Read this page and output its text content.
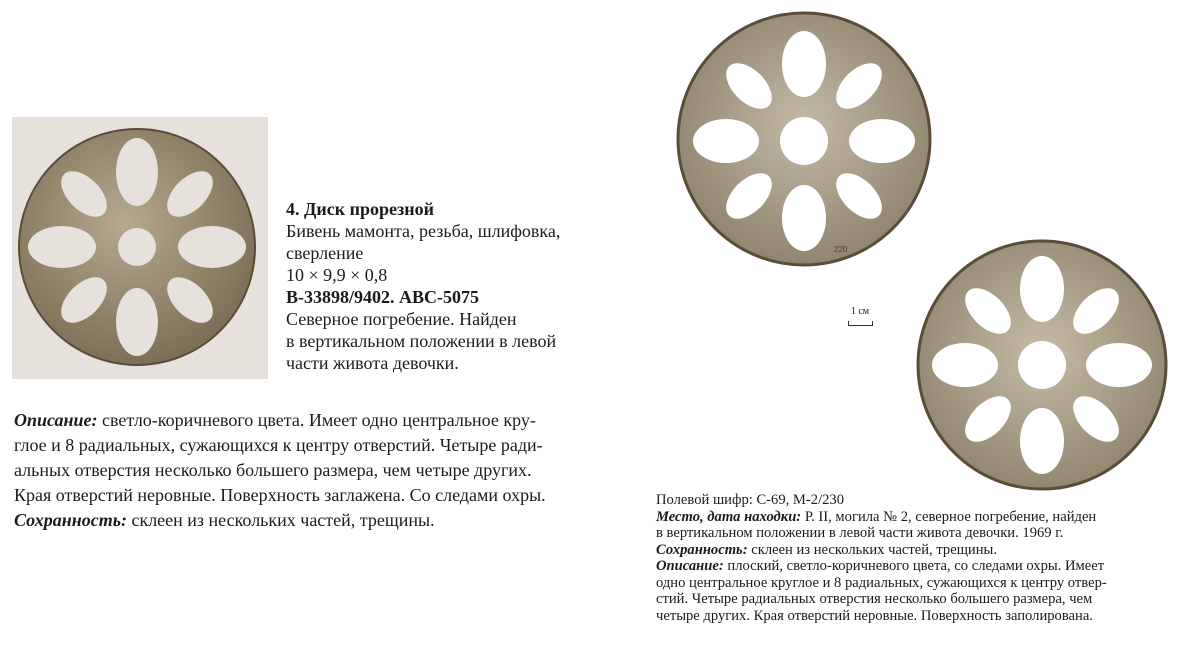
4. Диск прорезной
Бивень мамонта, резьба, шлифовка,
сверление
10 × 9,9 × 0,8
В-33898/9402. АВС-5075
Северное погребение. Найден
в вертикальном положении в левой
части живота девочки.
Описание: светло-коричневого цвета. Имеет одно центральное кру-
глое и 8 радиальных, сужающихся к центру отверстий. Четыре ради-
альных отверстия несколько большего размера, чем четыре других.
Края отверстий неровные. Поверхность заглажена. Со следами охры.
Сохранность: склеен из нескольких частей, трещины.
220
1 см
Полевой шифр: С-69, М-2/230
Место, дата находки: Р. II, могила № 2, северное погребение, найден
в вертикальном положении в левой части живота девочки. 1969 г.
Сохранность: склеен из нескольких частей, трещины.
Описание: плоский, светло-коричневого цвета, со следами охры. Имеет
одно центральное круглое и 8 радиальных, сужающихся к центру отвер-
стий. Четыре радиальных отверстия несколько большего размера, чем
четыре других. Края отверстий неровные. Поверхность заполирована.
